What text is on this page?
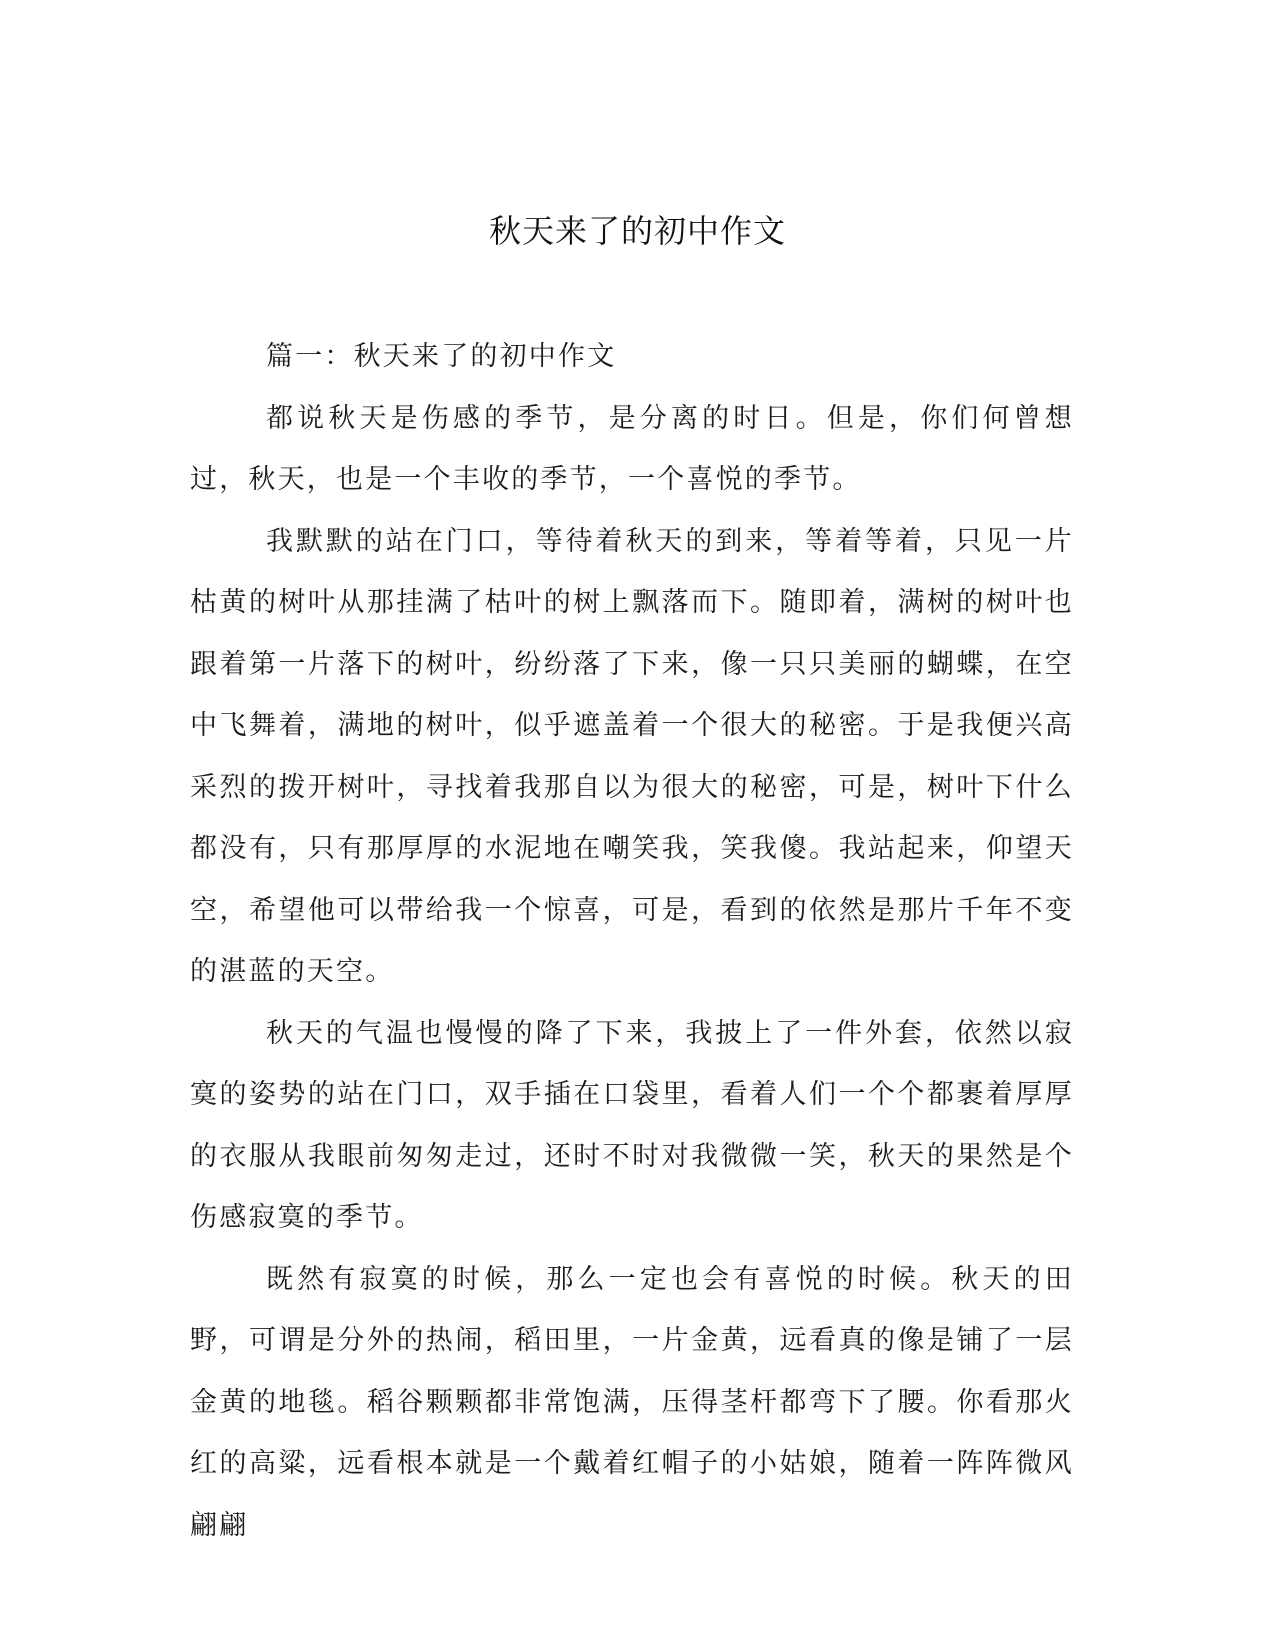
秋天来了的初中作文

篇一：秋天来了的初中作文

都说秋天是伤感的季节，是分离的时日。但是，你们何曾想过，秋天，也是一个丰收的季节，一个喜悦的季节。

我默默的站在门口，等待着秋天的到来，等着等着，只见一片枯黄的树叶从那挂满了枯叶的树上飘落而下。随即着，满树的树叶也跟着第一片落下的树叶，纷纷落了下来，像一只只美丽的蝴蝶，在空中飞舞着，满地的树叶，似乎遮盖着一个很大的秘密。于是我便兴高采烈的拨开树叶，寻找着我那自以为很大的秘密，可是，树叶下什么都没有，只有那厚厚的水泥地在嘲笑我，笑我傻。我站起来，仰望天空，希望他可以带给我一个惊喜，可是，看到的依然是那片千年不变的湛蓝的天空。

秋天的气温也慢慢的降了下来，我披上了一件外套，依然以寂寞的姿势的站在门口，双手插在口袋里，看着人们一个个都裹着厚厚的衣服从我眼前匆匆走过，还时不时对我微微一笑，秋天的果然是个伤感寂寞的季节。

既然有寂寞的时候，那么一定也会有喜悦的时候。秋天的田野，可谓是分外的热闹，稻田里，一片金黄，远看真的像是铺了一层金黄的地毯。稻谷颗颗都非常饱满，压得茎杆都弯下了腰。你看那火红的高粱，远看根本就是一个戴着红帽子的小姑娘，随着一阵阵微风翩翩
